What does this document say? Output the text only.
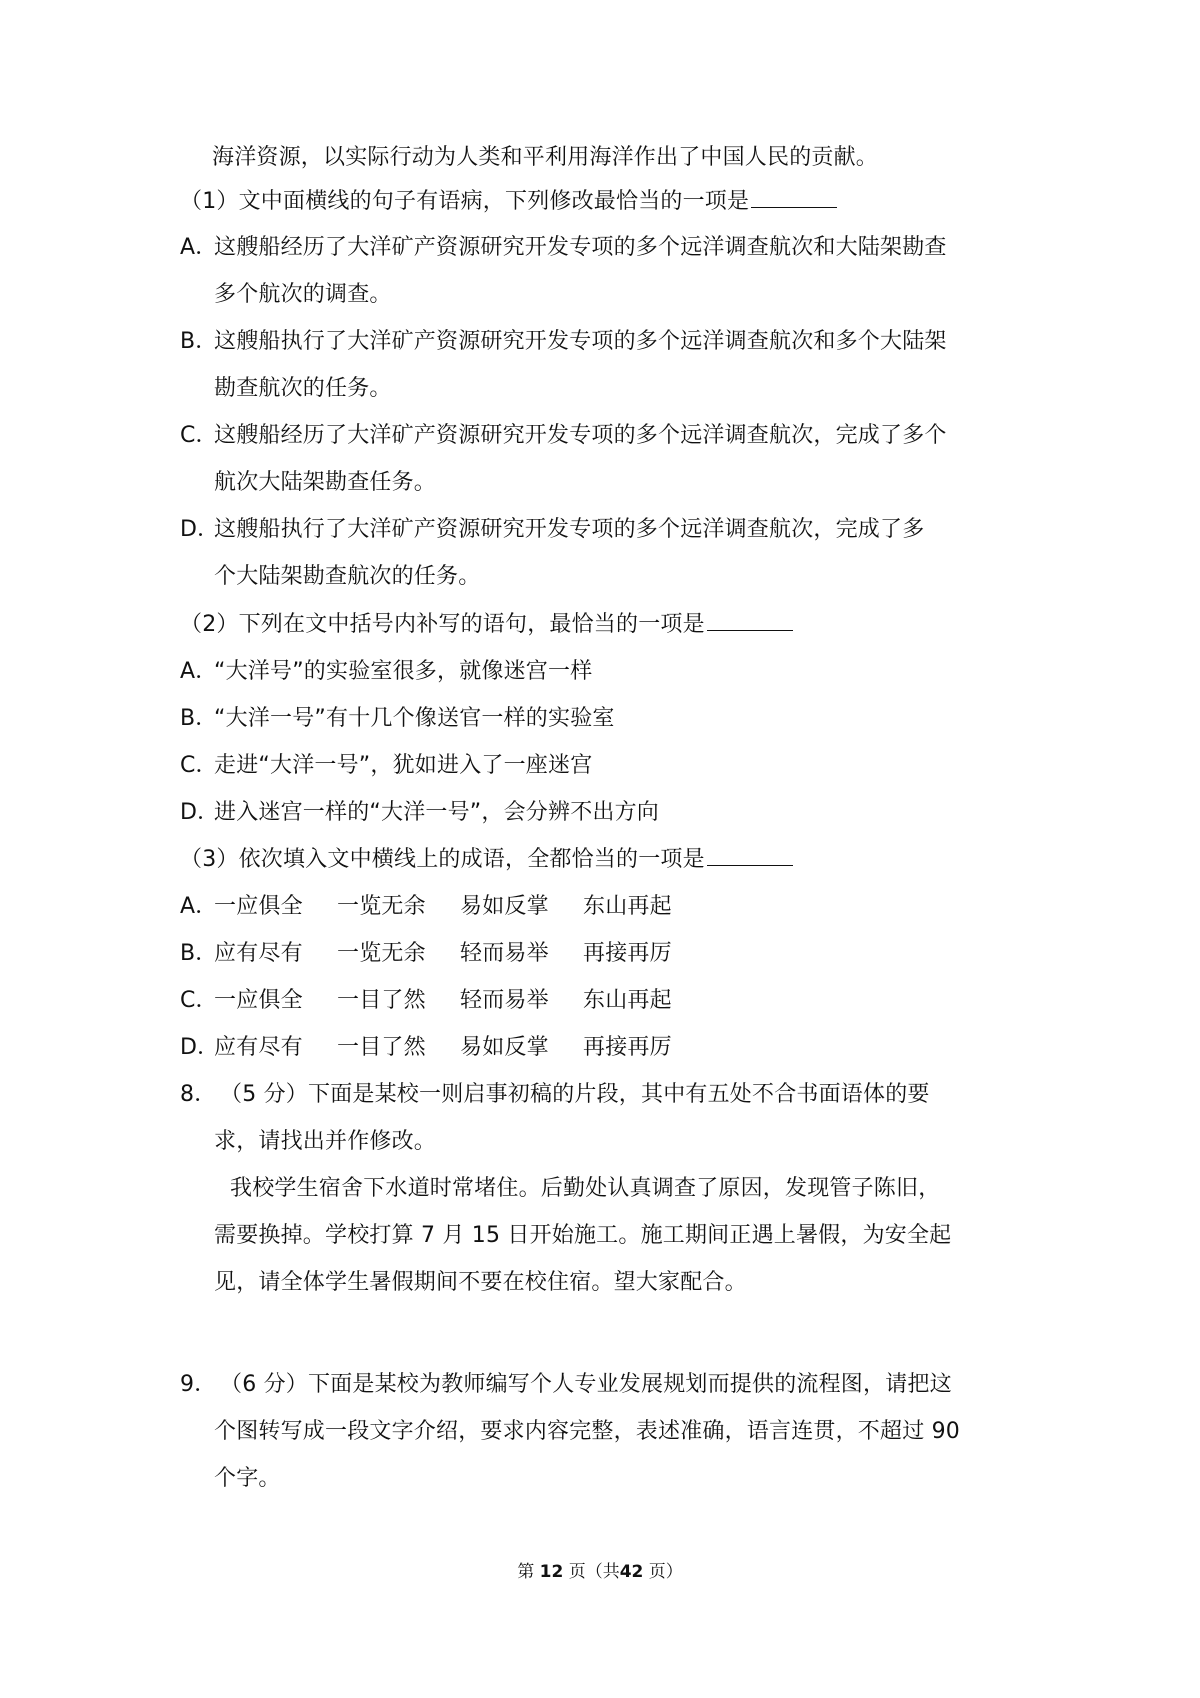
海洋资源，以实际行动为人类和平利用海洋作出了中国人民的贡献。
（1）文中面横线的句子有语病，下列修改最恰当的一项是
A．这艘船经历了大洋矿产资源研究开发专项的多个远洋调查航次和大陆架勘查
多个航次的调查。
B．这艘船执行了大洋矿产资源研究开发专项的多个远洋调查航次和多个大陆架
勘查航次的任务。
C．这艘船经历了大洋矿产资源研究开发专项的多个远洋调查航次，完成了多个
航次大陆架勘查任务。
D．这艘船执行了大洋矿产资源研究开发专项的多个远洋调查航次，完成了多
个大陆架勘查航次的任务。
（2）下列在文中括号内补写的语句，最恰当的一项是
A．“大洋号”的实验室很多，就像迷宫一样
B．“大洋一号”有十几个像送官一样的实验室
C．走进“大洋一号”，犹如进入了一座迷宫
D．进入迷宫一样的“大洋一号”，会分辨不出方向
（3）依次填入文中横线上的成语，全都恰当的一项是
A．一应俱全 一览无余 易如反掌 东山再起
B．应有尽有 一览无余 轻而易举 再接再厉
C．一应俱全 一目了然 轻而易举 东山再起
D．应有尽有 一目了然 易如反掌 再接再厉
8． （5 分）下面是某校一则启事初稿的片段，其中有五处不合书面语体的要
求，请找出并作修改。
我校学生宿舍下水道时常堵住。后勤处认真调查了原因，发现管子陈旧，
需要换掉。学校打算 7 月 15 日开始施工。施工期间正遇上暑假，为安全起
见，请全体学生暑假期间不要在校住宿。望大家配合。
9． （6 分）下面是某校为教师编写个人专业发展规划而提供的流程图，请把这
个图转写成一段文字介绍，要求内容完整，表述准确，语言连贯，不超过 90
个字。
第 12 页（共42 页）
